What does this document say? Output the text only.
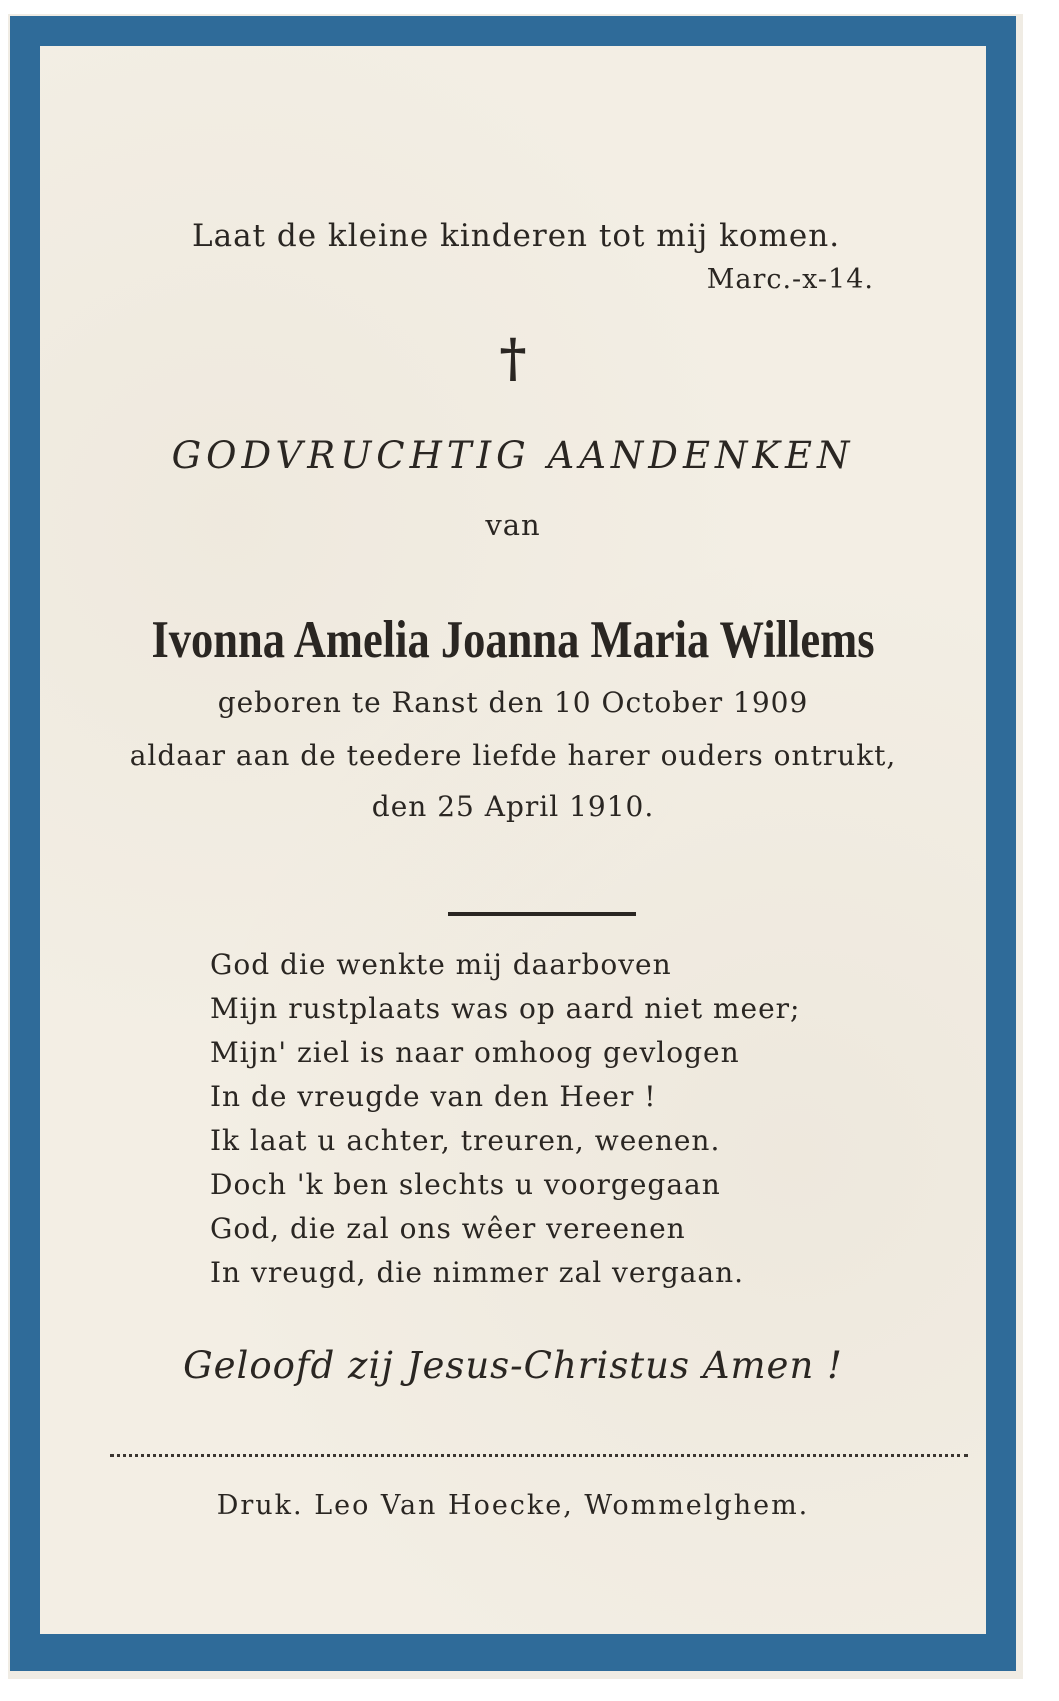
Laat de kleine kinderen tot mij komen.
Marc.-x-14.
†
GODVRUCHTIG AANDENKEN
van
Ivonna Amelia Joanna Maria Willems
geboren te Ranst den 10 October 1909
aldaar aan de teedere liefde harer ouders ontrukt,
den 25 April 1910.
God die wenkte mij daarboven
Mijn rustplaats was op aard niet meer;
Mijn' ziel is naar omhoog gevlogen
In de vreugde van den Heer !
Ik laat u achter, treuren, weenen.
Doch 'k ben slechts u voorgegaan
God, die zal ons wêer vereenen
In vreugd, die nimmer zal vergaan.
Geloofd zij Jesus-Christus Amen !
Druk. Leo Van Hoecke, Wommelghem.
